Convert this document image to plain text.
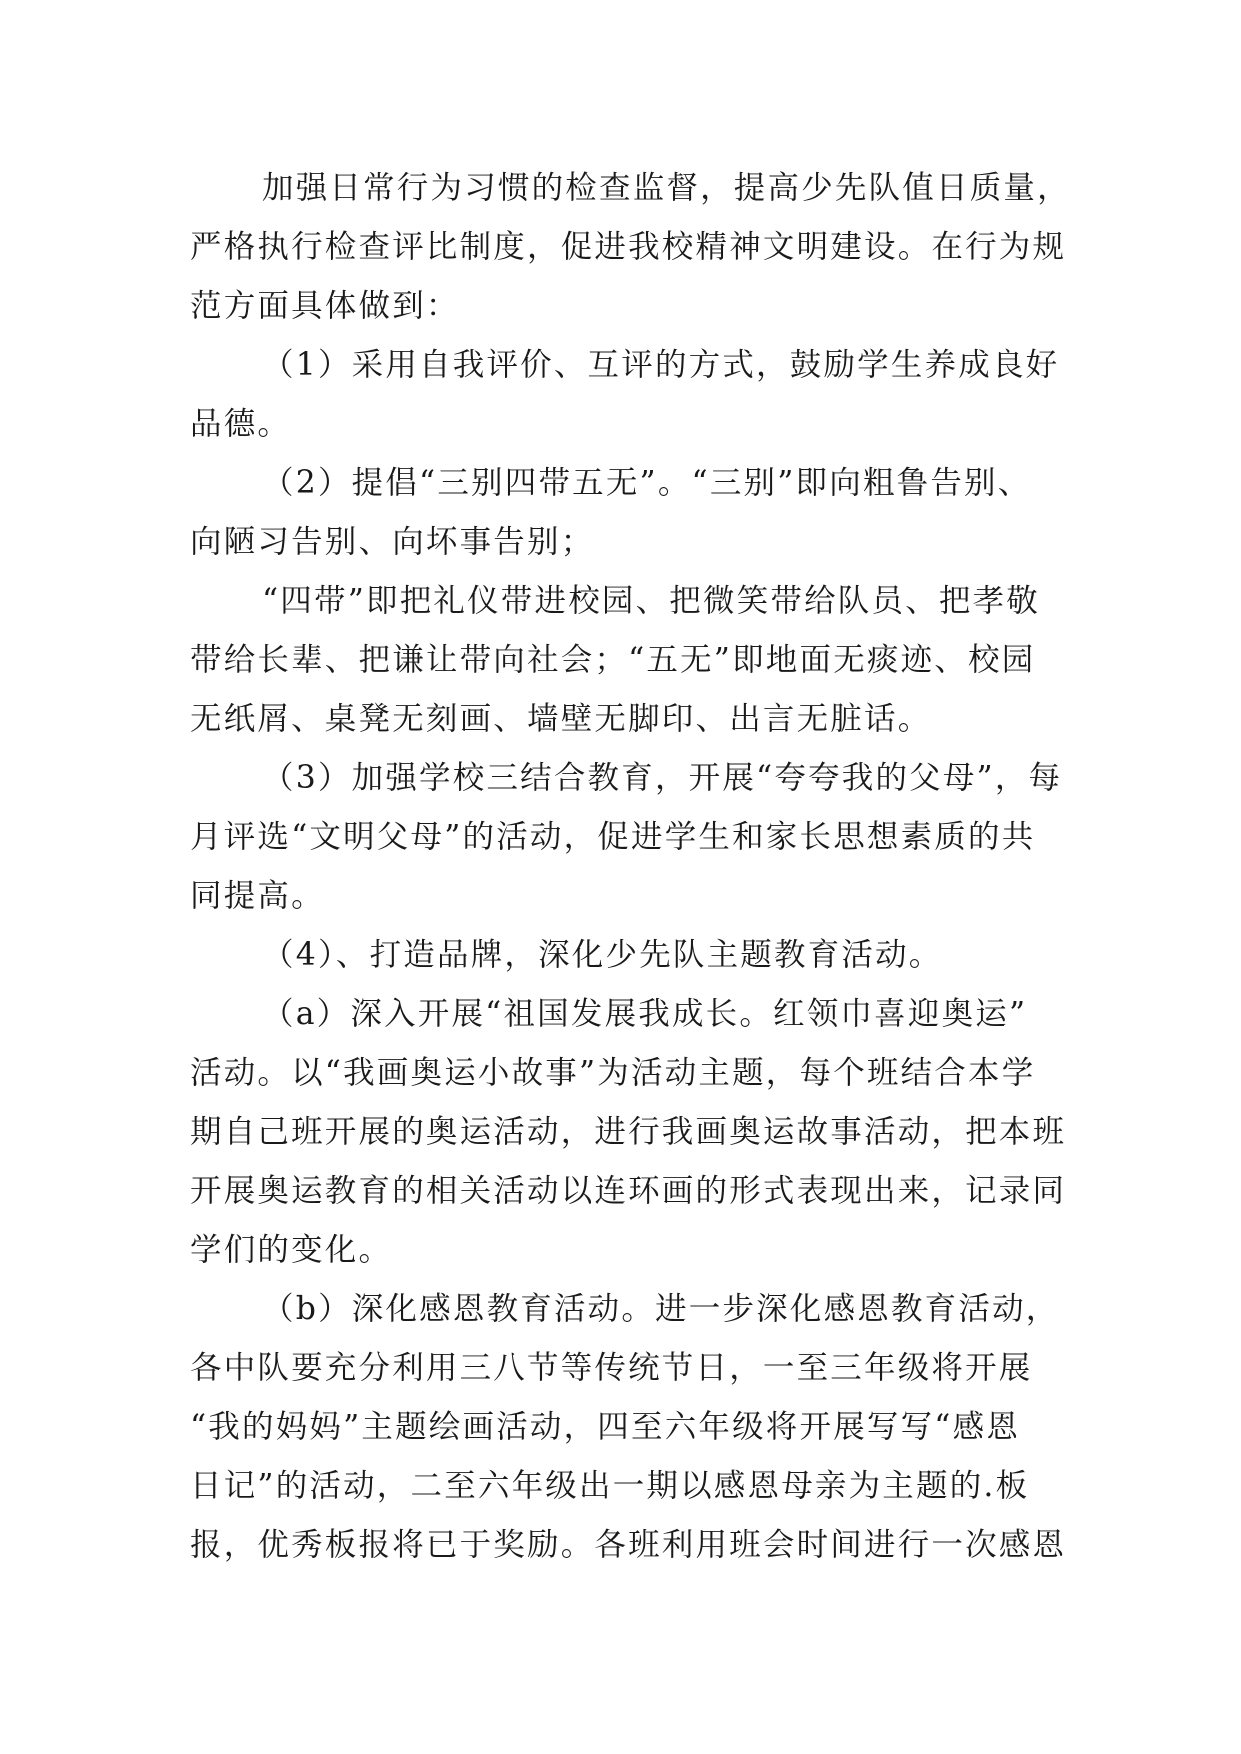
加强日常行为习惯的检查监督，提高少先队值日质量，
严格执行检查评比制度，促进我校精神文明建设。在行为规
范方面具体做到：

（1）采用自我评价、互评的方式，鼓励学生养成良好
品德。

（2）提倡“三别四带五无”。“三别”即向粗鲁告别、
向陋习告别、向坏事告别；

“四带”即把礼仪带进校园、把微笑带给队员、把孝敬
带给长辈、把谦让带向社会；“五无”即地面无痰迹、校园
无纸屑、桌凳无刻画、墙壁无脚印、出言无脏话。

（3）加强学校三结合教育，开展“夸夸我的父母”，每
月评选“文明父母”的活动，促进学生和家长思想素质的共
同提高。

（4）、打造品牌，深化少先队主题教育活动。

（a）深入开展“祖国发展我成长。红领巾喜迎奥运”
活动。以“我画奥运小故事”为活动主题，每个班结合本学
期自己班开展的奥运活动，进行我画奥运故事活动，把本班
开展奥运教育的相关活动以连环画的形式表现出来，记录同
学们的变化。

（b）深化感恩教育活动。进一步深化感恩教育活动，
各中队要充分利用三八节等传统节日，一至三年级将开展
“我的妈妈”主题绘画活动，四至六年级将开展写写“感恩
日记”的活动，二至六年级出一期以感恩母亲为主题的.板
报，优秀板报将已于奖励。各班利用班会时间进行一次感恩
